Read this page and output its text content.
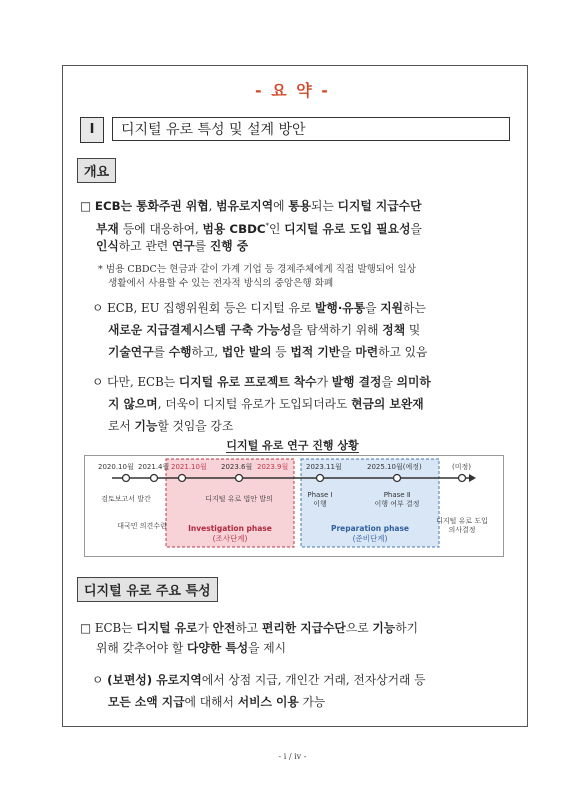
- 요 약 -
I	디지털 유로 특성 및 설계 방안
개요
□ ECB는 통화주권 위협, 범유로지역에 통용되는 디지털 지급수단
부재 등에 대응하여, 범용 CBDC*인 디지털 유로 도입 필요성을
인식하고 관련 연구를 진행 중
* 범용 CBDC는 현금과 같이 가계 기업 등 경제주체에게 직접 발행되어 일상
생활에서 사용할 수 있는 전자적 방식의 중앙은행 화폐
ㅇ ECB, EU 집행위원회 등은 디지털 유로 발행·유통을 지원하는
새로운 지급결제시스템 구축 가능성을 탐색하기 위해 정책 및
기술연구를 수행하고, 법안 발의 등 법적 기반을 마련하고 있음
ㅇ 다만, ECB는 디지털 유로 프로젝트 착수가 발행 결정을 의미하
지 않으며, 더욱이 디지털 유로가 도입되더라도 현금의 보완재
로서 기능할 것임을 강조
디지털 유로 연구 진행 상황
2020.10월 2021.4월 2021.10월 2023.6월 2023.9월	2023.11월	2025.10월(예정)	(미정)
검토보고서 발간
대국민 의견수렴
디지털 유로 법안 발의	Phase Ⅰ
이행
Phase Ⅱ
이행 여부 결정
디지털 유로 도입
의사결정
Investigation phase
(조사단계)
Preparation phase
(준비단계)
디지털 유로 주요 특성
□ ECB는 디지털 유로가 안전하고 편리한 지급수단으로 기능하기
위해 갖추어야 할 다양한 특성을 제시
ㅇ (보편성) 유로지역에서 상점 지급, 개인간 거래, 전자상거래 등
모든 소액 지급에 대해서 서비스 이용 가능
- i / iv -
